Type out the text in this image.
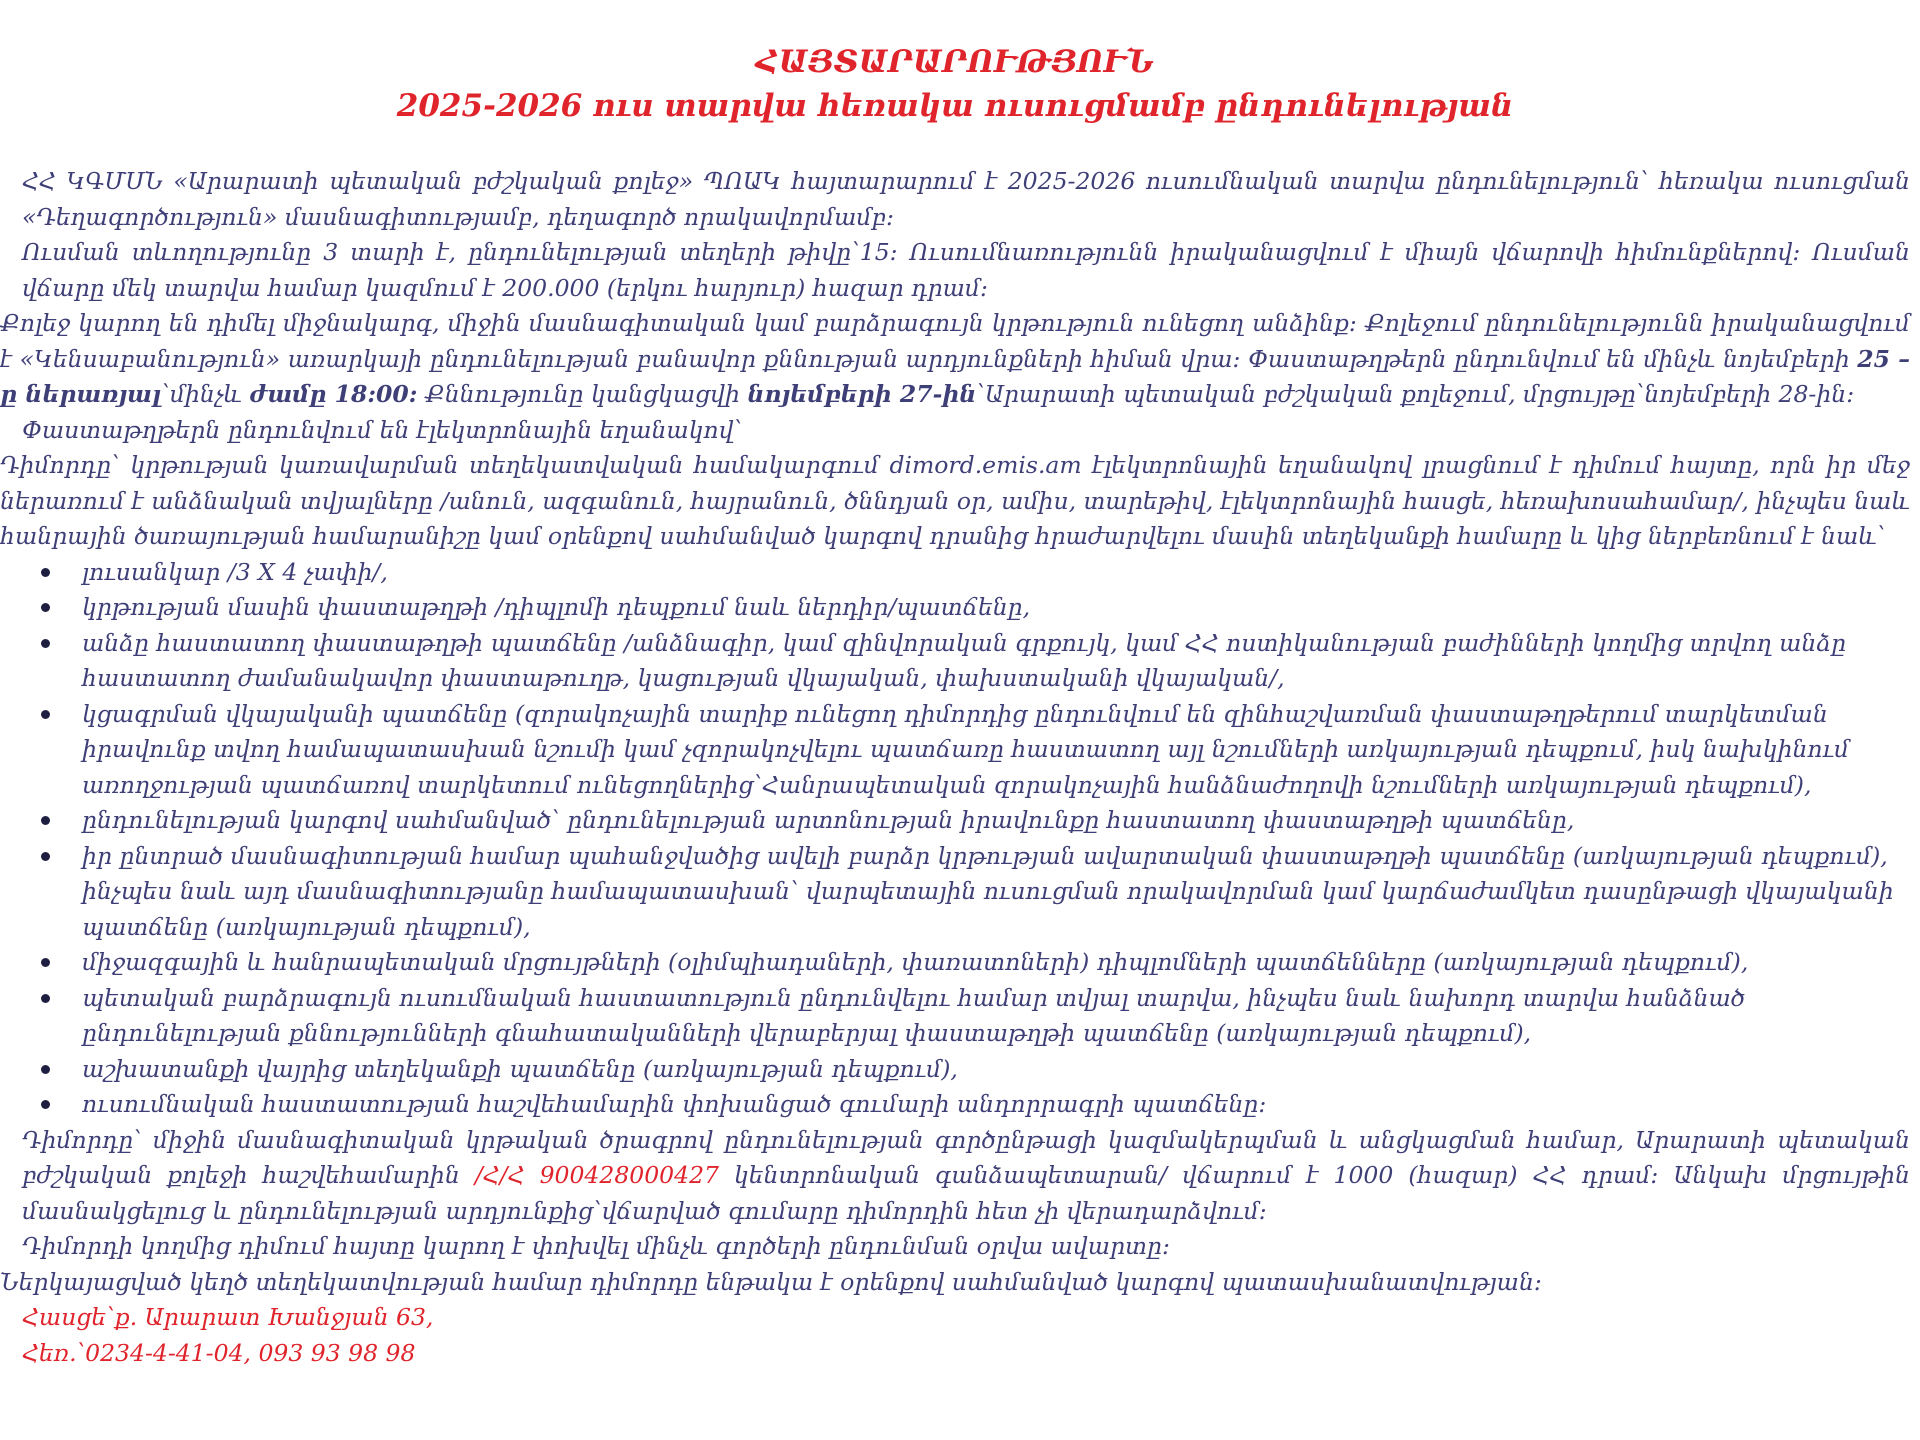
ՀԱՅՏԱՐԱՐՈՒԹՅՈՒՆ
2025-2026 ուս տարվա հեռակա ուսուցմամբ ընդունելության

ՀՀ ԿԳՄՍՆ «Արարատի պետական բժշկական քոլեջ» ՊՈԱԿ հայտարարում է 2025-2026 ուսումնական տարվա ընդունելություն՝ հեռակա ուսուցման «Դեղագործություն» մասնագիտությամբ, դեղագործ որակավորմամբ:

Ուսման տևողությունը 3 տարի է, ընդունելության տեղերի թիվը՝15: Ուսումնառությունն իրականացվում է միայն վճարովի հիմունքներով: Ուսման վճարը մեկ տարվա համար կազմում է 200.000 (երկու հարյուր) հազար դրամ:

Քոլեջ կարող են դիմել միջնակարգ, միջին մասնագիտական կամ բարձրագույն կրթություն ունեցող անձինք: Քոլեջում ընդունելությունն իրականացվում է «Կենսաբանություն» առարկայի ընդունելության բանավոր քննության արդյունքների հիման վրա: Փաստաթղթերն ընդունվում են մինչև նոյեմբերի 25 –ը ներառյալ՝մինչև ժամը 18:00: Քննությունը կանցկացվի նոյեմբերի 27-ին՝Արարատի պետական բժշկական քոլեջում, մրցույթը՝նոյեմբերի 28-ին:

Փաստաթղթերն ընդունվում են էլեկտրոնային եղանակով՝

Դիմորդը՝ կրթության կառավարման տեղեկատվական համակարգում dimord.emis.am էլեկտրոնային եղանակով լրացնում է դիմում հայտը, որն իր մեջ ներառում է անձնական տվյալները /անուն, ազգանուն, հայրանուն, ծննդյան օր, ամիս, տարեթիվ, էլեկտրոնային հասցե, հեռախոսահամար/, ինչպես նաև հանրային ծառայության համարանիշը կամ օրենքով սահմանված կարգով դրանից հրաժարվելու մասին տեղեկանքի համարը և կից ներբեռնում է նաև՝

լուսանկար /3 X 4 չափի/,
կրթության մասին փաստաթղթի /դիպլոմի դեպքում նաև ներդիր/պատճենը,
անձը հաստատող փաստաթղթի պատճենը /անձնագիր, կամ զինվորական գրքույկ, կամ ՀՀ ոստիկանության բաժինների կողմից տրվող անձը հաստատող ժամանակավոր փաստաթուղթ, կացության վկայական, փախստականի վկայական/,
կցագրման վկայականի պատճենը (զորակոչային տարիք ունեցող դիմորդից ընդունվում են զինհաշվառման փաստաթղթերում տարկետման իրավունք տվող համապատասխան նշումի կամ չզորակոչվելու պատճառը հաստատող այլ նշումների առկայության դեպքում, իսկ նախկինում առողջության պատճառով տարկետում ունեցողներից՝Հանրապետական զորակոչային հանձնաժողովի նշումների առկայության դեպքում),
ընդունելության կարգով սահմանված՝ ընդունելության արտոնության իրավունքը հաստատող փաստաթղթի պատճենը,
իր ընտրած մասնագիտության համար պահանջվածից ավելի բարձր կրթության ավարտական փաստաթղթի պատճենը (առկայության դեպքում), ինչպես նաև այդ մասնագիտությանը համապատասխան՝ վարպետային ուսուցման որակավորման կամ կարճաժամկետ դասընթացի վկայականի պատճենը (առկայության դեպքում),
միջազգային և հանրապետական մրցույթների (օլիմպիադաների, փառատոների) դիպլոմների պատճենները (առկայության դեպքում),
պետական բարձրագույն ուսումնական հաստատություն ընդունվելու համար տվյալ տարվա, ինչպես նաև նախորդ տարվա հանձնած ընդունելության քննությունների գնահատականների վերաբերյալ փաստաթղթի պատճենը (առկայության դեպքում),
աշխատանքի վայրից տեղեկանքի պատճենը (առկայության դեպքում),
ուսումնական հաստատության հաշվեհամարին փոխանցած գումարի անդորրագրի պատճենը:

Դիմորդը՝ միջին մասնագիտական կրթական ծրագրով ընդունելության գործընթացի կազմակերպման և անցկացման համար, Արարատի պետական բժշկական քոլեջի հաշվեհամարին /Հ/Հ 900428000427 կենտրոնական գանձապետարան/ վճարում է 1000 (հազար) ՀՀ դրամ: Անկախ մրցույթին մասնակցելուց և ընդունելության արդյունքից՝վճարված գումարը դիմորդին հետ չի վերադարձվում:

Դիմորդի կողմից դիմում հայտը կարող է փոխվել մինչև գործերի ընդունման օրվա ավարտը:

Ներկայացված կեղծ տեղեկատվության համար դիմորդը ենթակա է օրենքով սահմանված կարգով պատասխանատվության:

Հասցե՝ք. Արարատ Խանջյան 63,

Հեռ.՝0234-4-41-04, 093 93 98 98
